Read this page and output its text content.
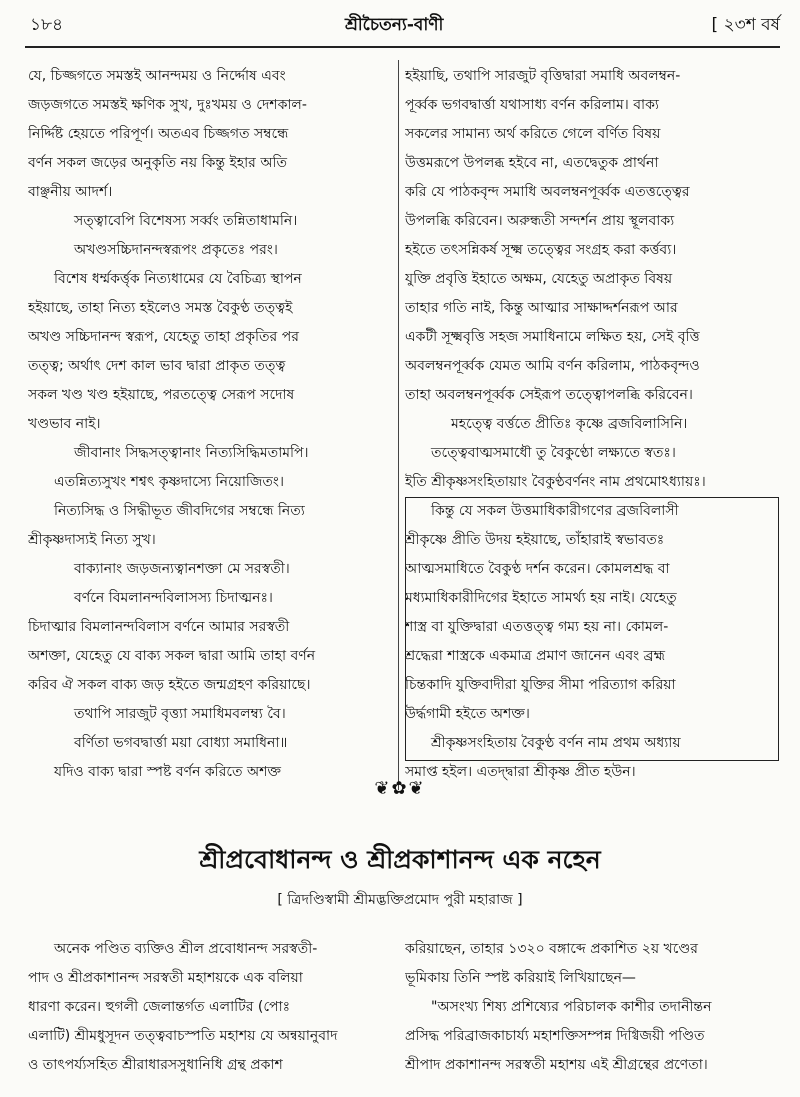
১৮৪	শ্রীচৈতন্য-বাণী	[ ২৩শ বর্ষ

যে, চিজ্জগতে সমস্তই আনন্দময় ও নির্দ্দোষ এবং

জড়জগতে সমস্তই ক্ষণিক সুখ, দুঃখময় ও দেশকাল-

নির্দ্দিষ্ট হেয়তে পরিপূর্ণ। অতএব চিজ্জগত সম্বন্ধে

বর্ণন সকল জড়ের অনুকৃতি নয় কিন্তু ইহার অতি

বাঞ্ছনীয় আদর্শ।

সত্ত্বাবেপি বিশেষস্য সর্ব্বং তন্নিতাধামনি।

অখণ্ডসচ্চিদানন্দস্বরূপং প্রকৃতেঃ পরং।

বিশেষ ধর্ম্মকর্ত্তৃক নিত্যধামের যে বৈচিত্র্য স্থাপন

হইয়াছে, তাহা নিত্য হইলেও সমস্ত বৈকুণ্ঠ তত্ত্বই

অখণ্ড সচ্চিদানন্দ স্বরূপ, যেহেতু তাহা প্রকৃতির পর

তত্ত্ব; অর্থাৎ দেশ কাল ভাব দ্বারা প্রাকৃত তত্ত্ব

সকল খণ্ড খণ্ড হইয়াছে, পরতত্ত্বে সেরূপ সদোষ

খণ্ডভাব নাই।

জীবানাং সিদ্ধসত্ত্বানাং নিত্যসিদ্ধিমতামপি।

এতন্নিত্যসুখং শশ্বৎ কৃষ্ণদাস্যে নিয়োজিতং।

নিত্যসিদ্ধ ও সিদ্ধীভূত জীবদিগের সম্বন্ধে নিত্য

শ্রীকৃষ্ণদাস্যই নিত্য সুখ।

বাক্যানাং জড়জন্যত্বানশক্তা মে সরস্বতী।

বর্ণনে বিমলানন্দবিলাসস্য চিদাত্মনঃ।

চিদাত্মার বিমলানন্দবিলাস বর্ণনে আমার সরস্বতী

অশক্তা, যেহেতু যে বাক্য সকল দ্বারা আমি তাহা বর্ণন

করিব ঐ সকল বাক্য জড় হইতে জন্মগ্রহণ করিয়াছে।

তথাপি সারজুট বৃত্ত্যা সমাধিমবলম্ব্য বৈ।

বর্ণিতা ভগবদ্বার্ত্তা ময়া বোধ্যা সমাধিনা॥

যদিও বাক্য দ্বারা স্পষ্ট বর্ণন করিতে অশক্ত

হইয়াছি, তথাপি সারজুট বৃত্তিদ্বারা সমাধি অবলম্বন-

পূর্ব্বক ভগবদ্বার্ত্তা যথাসাধ্য বর্ণন করিলাম। বাক্য

সকলের সামান্য অর্থ করিতে গেলে বর্ণিত বিষয়

উত্তমরূপে উপলব্ধ হইবে না, এতদ্বেতুক প্রার্থনা

করি যে পাঠকবৃন্দ সমাধি অবলম্বনপূর্ব্বক এতত্তত্ত্বের

উপলব্ধি করিবেন। অরুন্ধতী সন্দর্শন প্রায় স্থূলবাক্য

হইতে তৎসন্নিকর্ষ সূক্ষ্ম তত্ত্বের সংগ্রহ করা কর্ত্তব্য।

যুক্তি প্রবৃত্তি ইহাতে অক্ষম, যেহেতু অপ্রাকৃত বিষয়

তাহার গতি নাই, কিন্তু আত্মার সাক্ষাদ্দর্শনরূপ আর

একটী সূক্ষ্মবৃত্তি সহজ সমাধিনামে লক্ষিত হয়, সেই বৃত্তি

অবলম্বনপূর্ব্বক যেমত আমি বর্ণন করিলাম, পাঠকবৃন্দও

তাহা অবলম্বনপূর্ব্বক সেইরূপ তত্ত্বোপলব্ধি করিবেন।

মহত্ত্বে বর্ত্ততে প্রীতিঃ কৃষ্ণে ব্রজবিলাসিনি।

তত্ত্বেবাত্মসমাধৌ তু বৈকুণ্ঠো লক্ষ্যতে স্বতঃ।

ইতি শ্রীকৃষ্ণসংহিতায়াং বৈকুণ্ঠবর্ণনং নাম প্রথমোঽধ্যায়ঃ।

কিন্তু যে সকল উত্তমাধিকারীগণের ব্রজবিলাসী

শ্রীকৃষ্ণে প্রীতি উদয় হইয়াছে, তাঁহারাই স্বভাবতঃ

আত্মসমাধিতে বৈকুণ্ঠ দর্শন করেন। কোমলশ্রদ্ধ বা

মধ্যমাধিকারীদিগের ইহাতে সামর্থ্য হয় নাই। যেহেতু

শাস্ত্র বা যুক্তিদ্বারা এতত্তত্ত্ব গম্য হয় না। কোমল-

শ্রদ্ধেরা শাস্ত্রকে একমাত্র প্রমাণ জানেন এবং ব্রহ্ম

চিন্তকাদি যুক্তিবাদীরা যুক্তির সীমা পরিত্যাগ করিয়া

উর্দ্ধগামী হইতে অশক্ত।

শ্রীকৃষ্ণসংহিতায় বৈকুণ্ঠ বর্ণন নাম প্রথম অধ্যায়

সমাপ্ত হইল। এতদ্দ্বারা শ্রীকৃষ্ণ প্রীত হউন।

❦✿❦
শ্রীপ্রবোধানন্দ ও শ্রীপ্রকাশানন্দ এক নহেন
[ ত্রিদণ্ডিস্বামী শ্রীমদ্ভক্তিপ্রমোদ পুরী মহারাজ ]

অনেক পণ্ডিত ব্যক্তিও শ্রীল প্রবোধানন্দ সরস্বতী-

পাদ ও শ্রীপ্রকাশানন্দ সরস্বতী মহাশয়কে এক বলিয়া

ধারণা করেন। হুগলী জেলান্তর্গত এলাটির (পোঃ

এলাটি) শ্রীমধুসূদন তত্ত্ববাচস্পতি মহাশয় যে অন্বয়ানুবাদ

ও তাৎপর্য্যসহিত শ্রীরাধারসসুধানিধি গ্রন্থ প্রকাশ

করিয়াছেন, তাহার ১৩২০ বঙ্গাব্দে প্রকাশিত ২য় খণ্ডের

ভূমিকায় তিনি স্পষ্ট করিয়াই লিখিয়াছেন—

"অসংখ্য শিষ্য প্রশিষ্যের পরিচালক কাশীর তদানীন্তন

প্রসিদ্ধ পরিব্রাজকাচার্য্য মহাশক্তিসম্পন্ন দিগ্বিজয়ী পণ্ডিত

শ্রীপাদ প্রকাশানন্দ সরস্বতী মহাশয় এই শ্রীগ্রন্থের প্রণেতা।
